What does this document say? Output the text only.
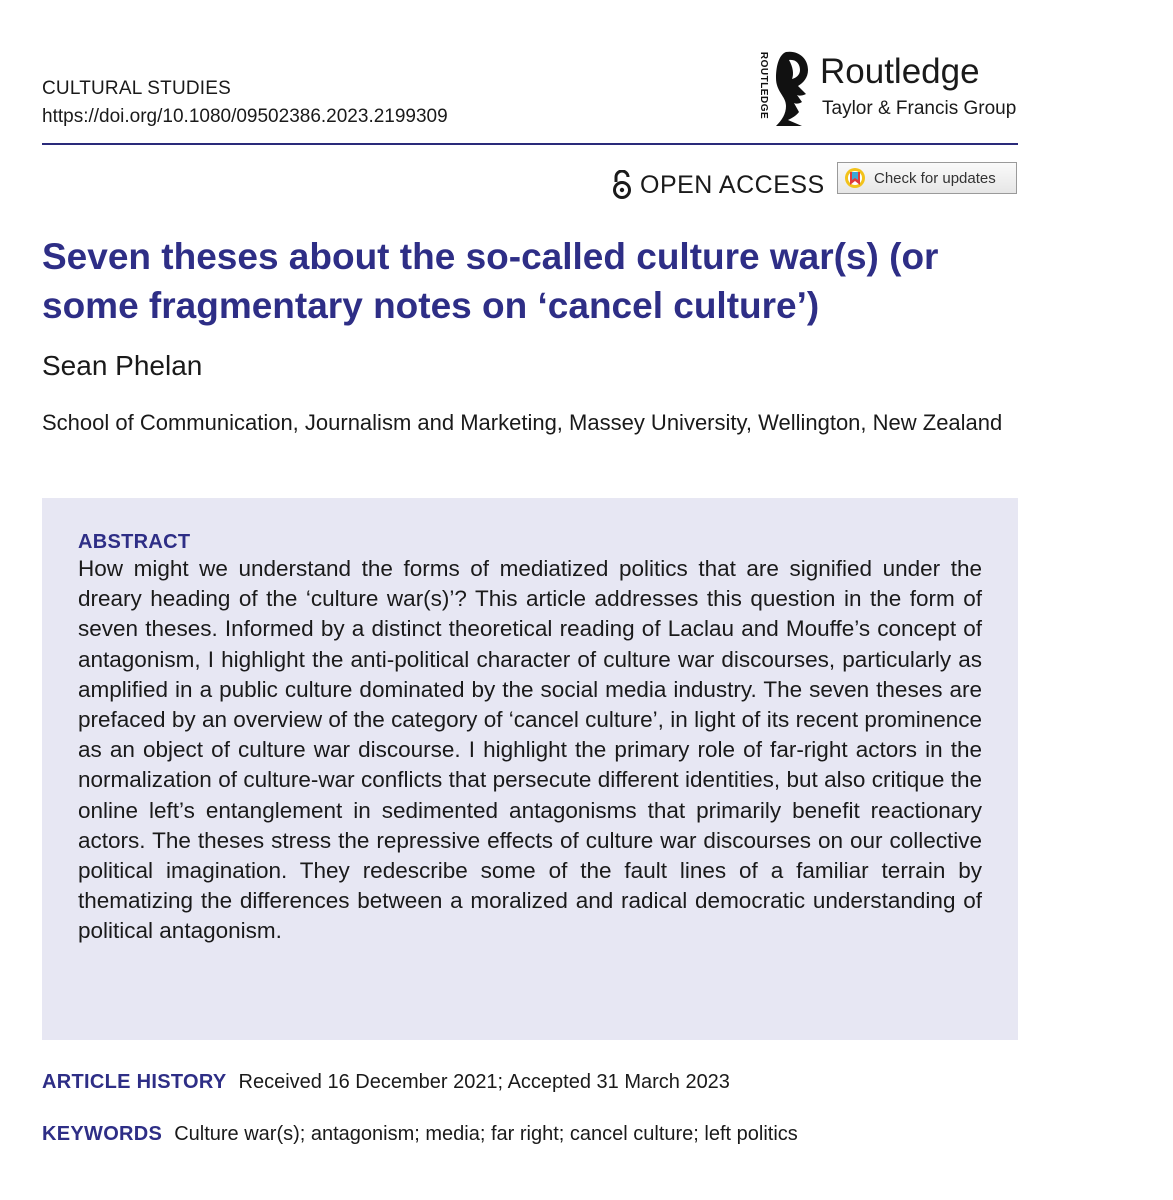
CULTURAL STUDIES
https://doi.org/10.1080/09502386.2023.2199309	ROUTLEDGE Routledge
Taylor & Francis Group
OPEN ACCESS	Check for updates
Seven theses about the so-called culture war(s) (or some fragmentary notes on ‘cancel culture’)
Sean Phelan
School of Communication, Journalism and Marketing, Massey University, Wellington, New Zealand
ABSTRACT

How might we understand the forms of mediatized politics that are signified under the dreary heading of the ‘culture war(s)’? This article addresses this question in the form of seven theses. Informed by a distinct theoretical reading of Laclau and Mouffe’s concept of antagonism, I highlight the anti-political character of culture war discourses, particularly as amplified in a public culture dominated by the social media industry. The seven theses are prefaced by an overview of the category of ‘cancel culture’, in light of its recent prominence as an object of culture war discourse. I highlight the primary role of far-right actors in the normalization of culture-war conflicts that persecute different identities, but also critique the online left’s entanglement in sedimented antagonisms that primarily benefit reactionary actors. The theses stress the repressive effects of culture war discourses on our collective political imagination. They redescribe some of the fault lines of a familiar terrain by thematizing the differences between a moralized and radical democratic understanding of political antagonism.

ARTICLE HISTORY Received 16 December 2021; Accepted 31 March 2023
KEYWORDS Culture war(s); antagonism; media; far right; cancel culture; left politics
